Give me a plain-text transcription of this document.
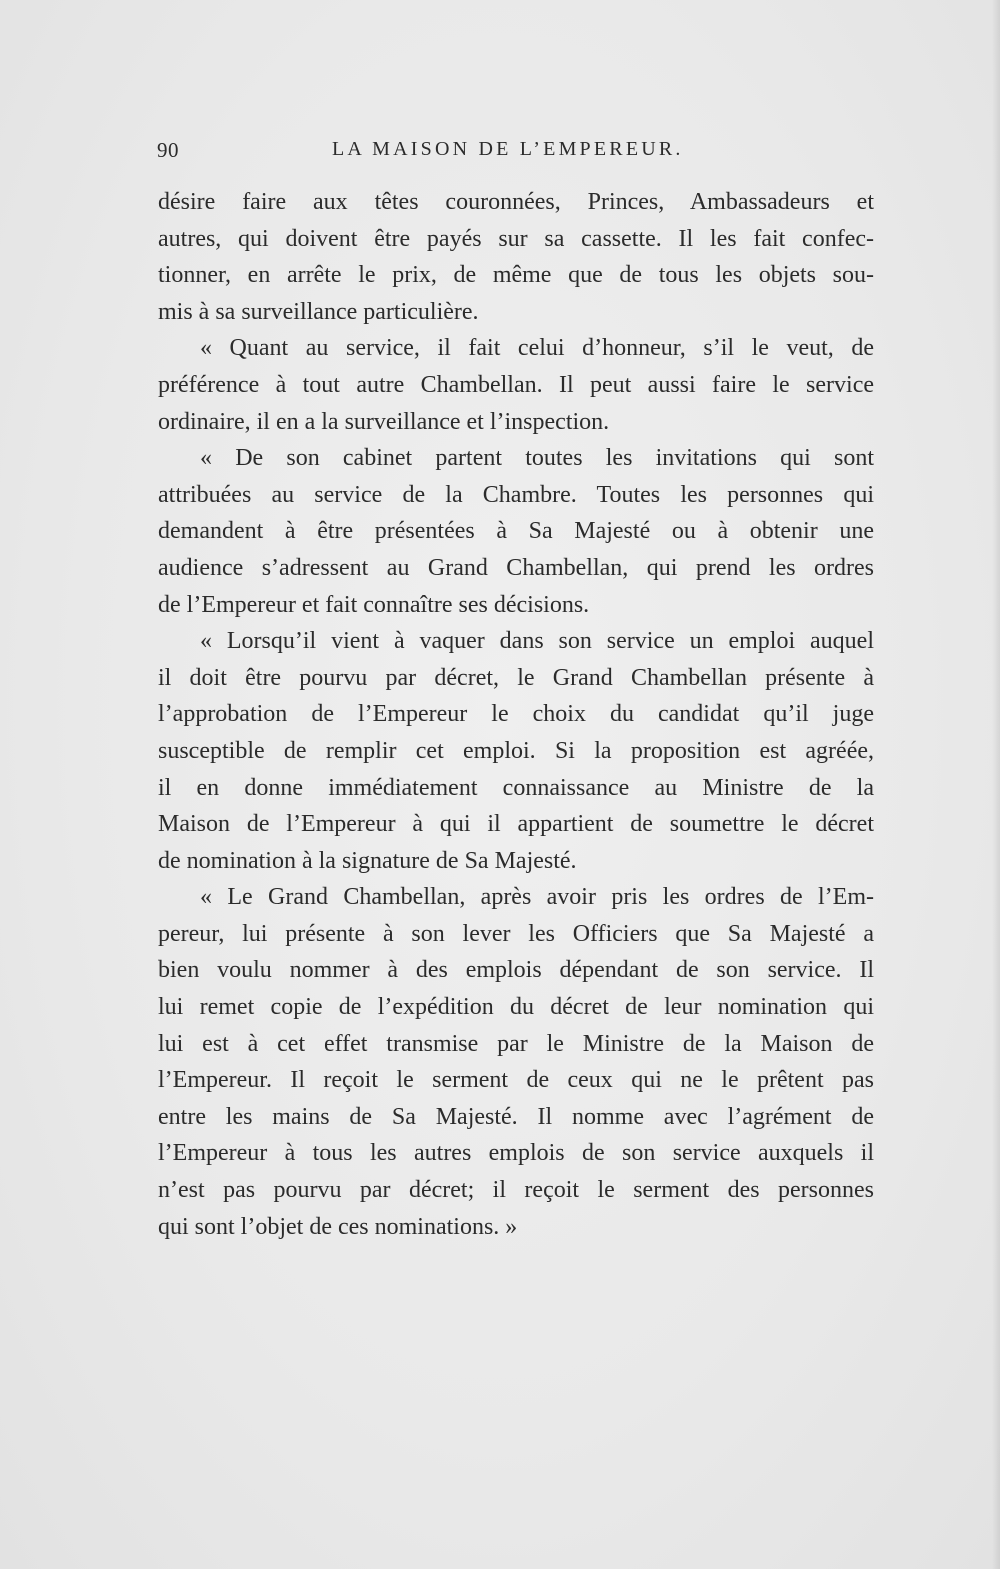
90	LA MAISON DE L’EMPEREUR.
désire faire aux têtes couronnées, Princes, Ambassadeurs et
autres, qui doivent être payés sur sa cassette. Il les fait confec-
tionner, en arrête le prix, de même que de tous les objets sou-
mis à sa surveillance particulière.
« Quant au service, il fait celui d’honneur, s’il le veut, de
préférence à tout autre Chambellan. Il peut aussi faire le service
ordinaire, il en a la surveillance et l’inspection.
« De son cabinet partent toutes les invitations qui sont
attribuées au service de la Chambre. Toutes les personnes qui
demandent à être présentées à Sa Majesté ou à obtenir une
audience s’adressent au Grand Chambellan, qui prend les ordres
de l’Empereur et fait connaître ses décisions.
« Lorsqu’il vient à vaquer dans son service un emploi auquel
il doit être pourvu par décret, le Grand Chambellan présente à
l’approbation de l’Empereur le choix du candidat qu’il juge
susceptible de remplir cet emploi. Si la proposition est agréée,
il en donne immédiatement connaissance au Ministre de la
Maison de l’Empereur à qui il appartient de soumettre le décret
de nomination à la signature de Sa Majesté.
« Le Grand Chambellan, après avoir pris les ordres de l’Em-
pereur, lui présente à son lever les Officiers que Sa Majesté a
bien voulu nommer à des emplois dépendant de son service. Il
lui remet copie de l’expédition du décret de leur nomination qui
lui est à cet effet transmise par le Ministre de la Maison de
l’Empereur. Il reçoit le serment de ceux qui ne le prêtent pas
entre les mains de Sa Majesté. Il nomme avec l’agrément de
l’Empereur à tous les autres emplois de son service auxquels il
n’est pas pourvu par décret; il reçoit le serment des personnes
qui sont l’objet de ces nominations. »
